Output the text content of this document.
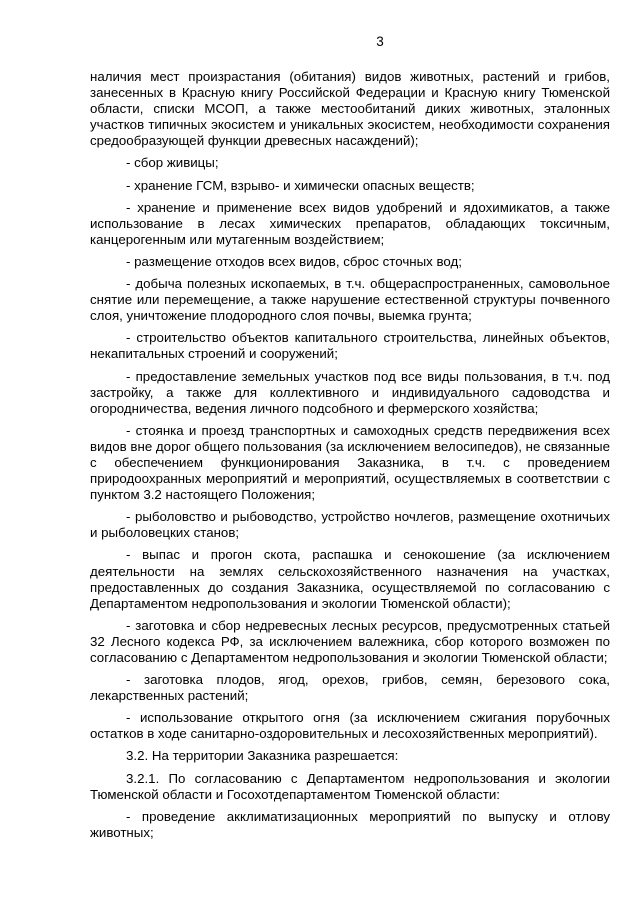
3

наличия мест произрастания (обитания) видов животных, растений и грибов, занесенных в Красную книгу Российской Федерации и Красную книгу Тюменской области, списки МСОП, а также местообитаний диких животных, эталонных участков типичных экосистем и уникальных экосистем, необходимости сохранения средообразующей функции древесных насаждений);

- сбор живицы;

- хранение ГСМ, взрыво- и химически опасных веществ;

- хранение и применение всех видов удобрений и ядохимикатов, а также использование в лесах химических препаратов, обладающих токсичным, канцерогенным или мутагенным воздействием;

- размещение отходов всех видов, сброс сточных вод;

- добыча полезных ископаемых, в т.ч. общераспространенных, самовольное снятие или перемещение, а также нарушение естественной структуры почвенного слоя, уничтожение плодородного слоя почвы, выемка грунта;

- строительство объектов капитального строительства, линейных объектов, некапитальных строений и сооружений;

- предоставление земельных участков под все виды пользования, в т.ч. под застройку, а также для коллективного и индивидуального садоводства и огородничества, ведения личного подсобного и фермерского хозяйства;

- стоянка и проезд транспортных и самоходных средств передвижения всех видов вне дорог общего пользования (за исключением велосипедов), не связанные с обеспечением функционирования Заказника, в т.ч. с проведением природоохранных мероприятий и мероприятий, осуществляемых в соответствии с пунктом 3.2 настоящего Положения;

- рыболовство и рыбоводство, устройство ночлегов, размещение охотничьих и рыболовецких станов;

- выпас и прогон скота, распашка и сенокошение (за исключением деятельности на землях сельскохозяйственного назначения на участках, предоставленных до создания Заказника, осуществляемой по согласованию с Департаментом недропользования и экологии Тюменской области);

- заготовка и сбор недревесных лесных ресурсов, предусмотренных статьей 32 Лесного кодекса РФ, за исключением валежника, сбор которого возможен по согласованию с Департаментом недропользования и экологии Тюменской области;

- заготовка плодов, ягод, орехов, грибов, семян, березового сока, лекарственных растений;

- использование открытого огня (за исключением сжигания порубочных остатков в ходе санитарно-оздоровительных и лесохозяйственных мероприятий).

3.2. На территории Заказника разрешается:

3.2.1. По согласованию с Департаментом недропользования и экологии Тюменской области и Госохотдепартаментом Тюменской области:

- проведение акклиматизационных мероприятий по выпуску и отлову животных;
